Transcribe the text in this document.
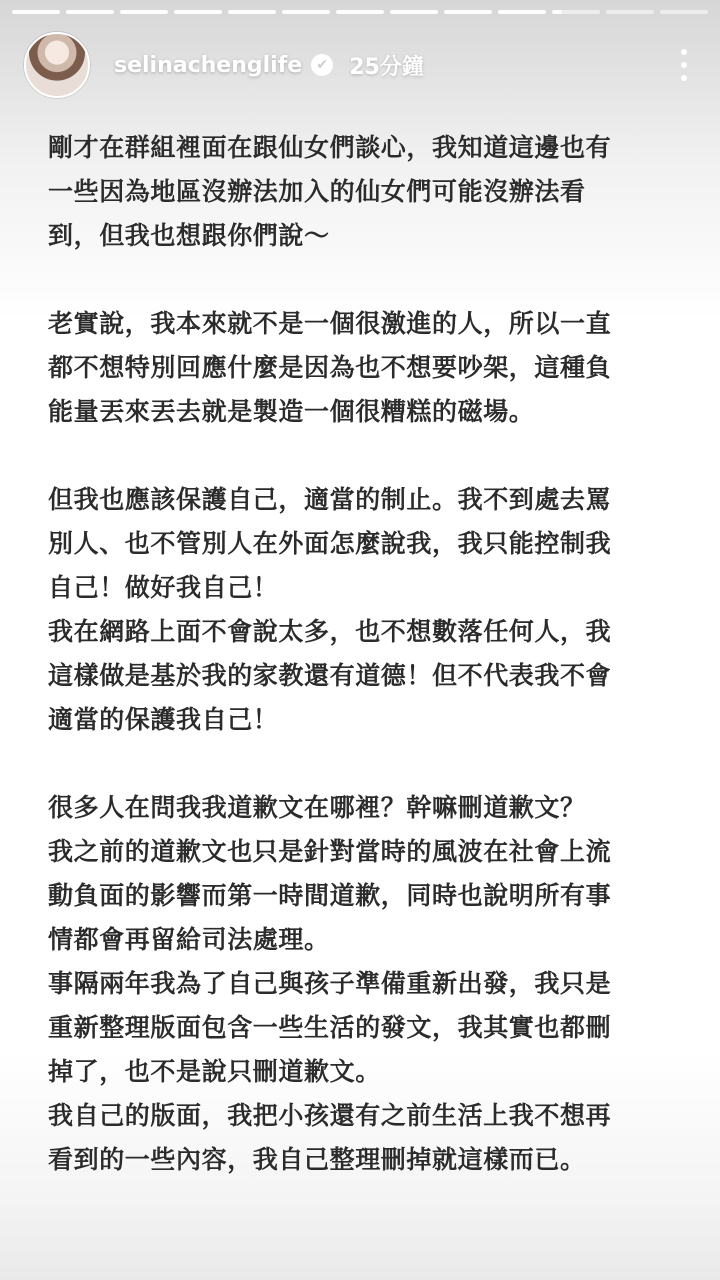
selinachenglife	✔ 25分鐘
剛才在群組裡面在跟仙女們談心，我知道這邊也有
一些因為地區沒辦法加入的仙女們可能沒辦法看
到，但我也想跟你們說～
老實說，我本來就不是一個很激進的人，所以一直
都不想特別回應什麼是因為也不想要吵架，這種負
能量丟來丟去就是製造一個很糟糕的磁場。
但我也應該保護自己，適當的制止。我不到處去罵
別人、也不管別人在外面怎麼說我，我只能控制我
自己！做好我自己！
我在網路上面不會說太多，也不想數落任何人，我
這樣做是基於我的家教還有道德！但不代表我不會
適當的保護我自己！
很多人在問我我道歉文在哪裡？幹嘛刪道歉文？
我之前的道歉文也只是針對當時的風波在社會上流
動負面的影響而第一時間道歉，同時也說明所有事
情都會再留給司法處理。
事隔兩年我為了自己與孩子準備重新出發，我只是
重新整理版面包含一些生活的發文，我其實也都刪
掉了，也不是說只刪道歉文。
我自己的版面，我把小孩還有之前生活上我不想再
看到的一些內容，我自己整理刪掉就這樣而已。
